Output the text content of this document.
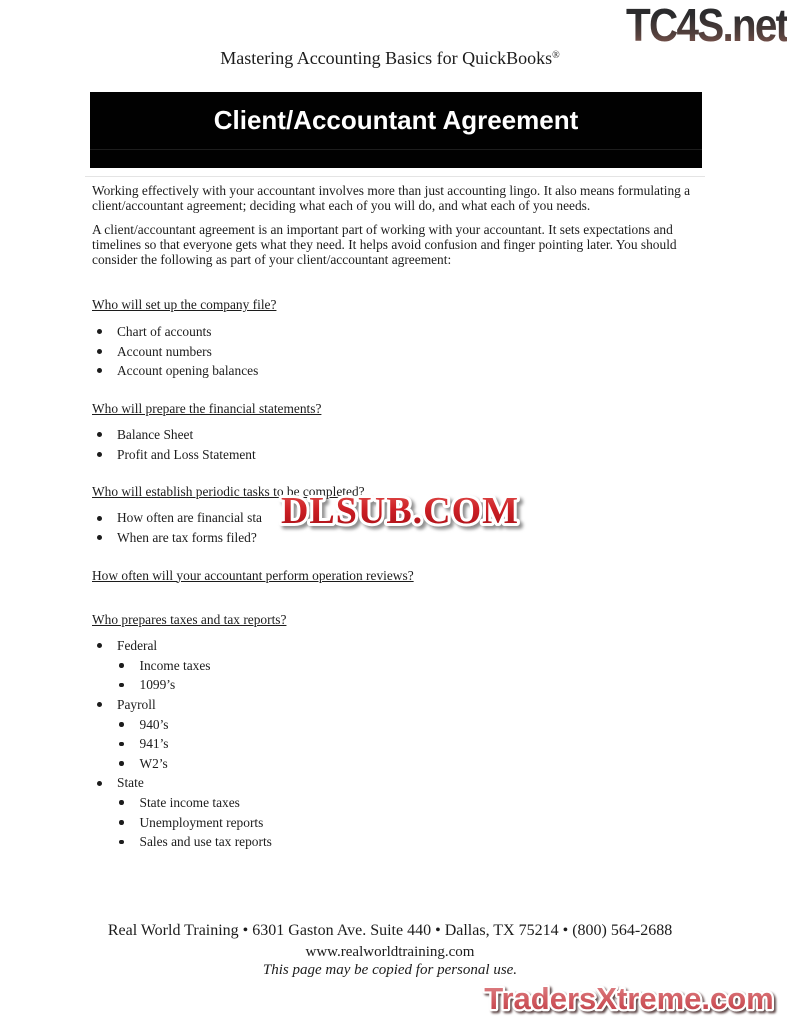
TC4S.net
Mastering Accounting Basics for QuickBooks®
Client/Accountant Agreement

Working effectively with your accountant involves more than just accounting lingo. It also means formulating a client/accountant agreement; deciding what each of you will do, and what each of you needs.

A client/accountant agreement is an important part of working with your accountant. It sets expectations and timelines so that everyone gets what they need. It helps avoid confusion and finger pointing later. You should consider the following as part of your client/accountant agreement:

Who will set up the company file?
Chart of accounts
Account numbers
Account opening balances
Who will prepare the financial statements?
Balance Sheet
Profit and Loss Statement
Who will establish periodic tasks to be completed?
How often are financial sta
When are tax forms filed?
How often will your accountant perform operation reviews?
Who prepares taxes and tax reports?
Federal
Income taxes
1099’s
Payroll
940’s
941’s
W2’s
State
State income taxes
Unemployment reports
Sales and use tax reports
Real World Training • 6301 Gaston Ave. Suite 440 • Dallas, TX 75214 • (800) 564-2688
www.realworldtraining.com
This page may be copied for personal use.
DLSUB.COM
TradersXtreme.com
